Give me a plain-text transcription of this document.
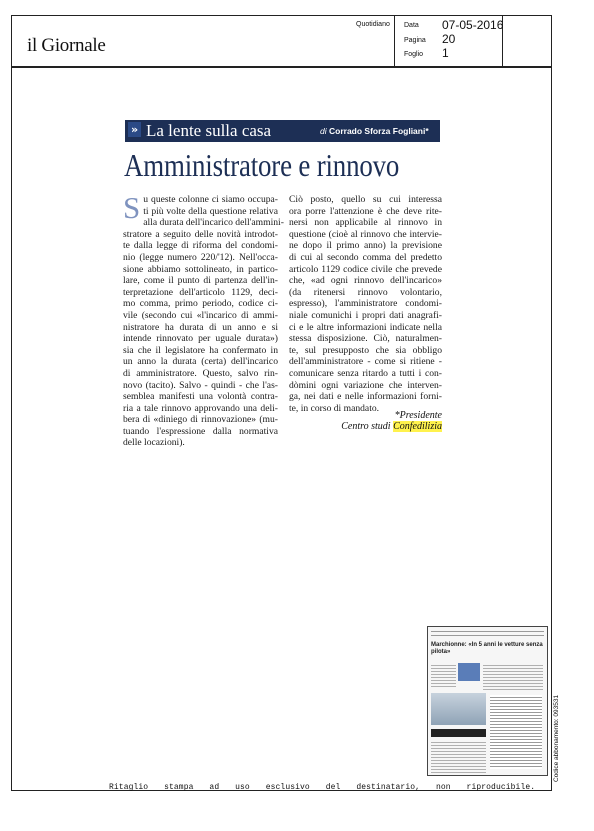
il Giornale
Quotidiano Data 07-05-2016
Pagina 20
Foglio 1
» La lente sulla casa	di Corrado Sforza Fogliani*
Amministratore e rinnovo
S u queste colonne ci siamo occupa-
ti più volte della questione relativa
alla durata dell'incarico dell'ammini-
stratore a seguito delle novità introdot-
te dalla legge di riforma del condomi-
nio (legge numero 220/'12). Nell'occa-
sione abbiamo sottolineato, in partico-
lare, come il punto di partenza dell'in-
terpretazione dell'articolo 1129, deci-
mo comma, primo periodo, codice ci-
vile (secondo cui «l'incarico di ammi-
nistratore ha durata di un anno e si
intende rinnovato per uguale durata»)
sia che il legislatore ha confermato in
un anno la durata (certa) dell'incarico
di amministratore. Questo, salvo rin-
novo (tacito). Salvo - quindi - che l'as-
semblea manifesti una volontà contra-
ria a tale rinnovo approvando una deli-
bera di «diniego di rinnovazione» (mu-
tuando l'espressione dalla normativa
delle locazioni).
Ciò posto, quello su cui interessa
ora porre l'attenzione è che deve rite-
nersi non applicabile al rinnovo in
questione (cioè al rinnovo che intervie-
ne dopo il primo anno) la previsione
di cui al secondo comma del predetto
articolo 1129 codice civile che prevede
che, «ad ogni rinnovo dell'incarico»
(da ritenersi rinnovo volontario,
espresso), l'amministratore condomi-
niale comunichi i propri dati anagrafi-
ci e le altre informazioni indicate nella
stessa disposizione. Ciò, naturalmen-
te, sul presupposto che sia obbligo
dell'amministratore - come si ritiene -
comunicare senza ritardo a tutti i con-
dòmini ogni variazione che interven-
ga, nei dati e nelle informazioni forni-
te, in corso di mandato.
*Presidente
Centro studi Confedilizia
Marchionne: «In 5 anni le vetture senza pilota»
Codice abbonamento: 093531
Ritaglio stampa ad uso esclusivo del destinatario, non riproducibile.
